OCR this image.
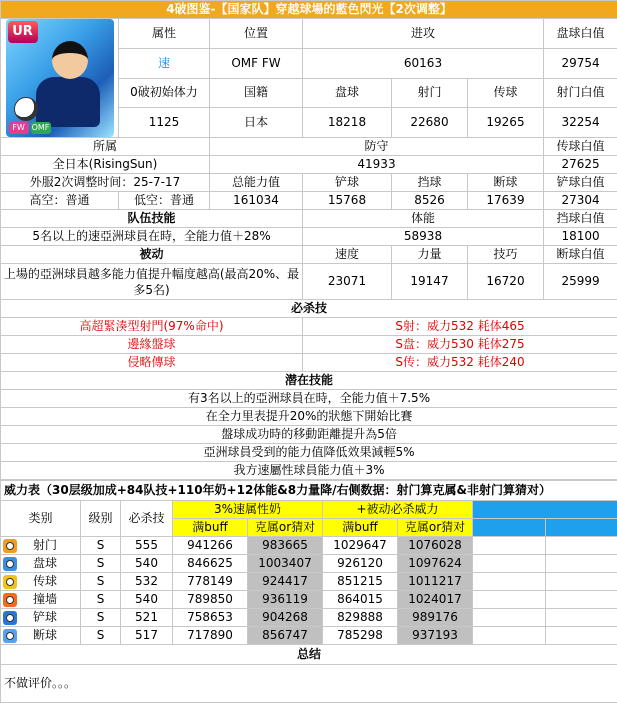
4破图鉴-【国家队】穿越球場的藍色閃光【2次调整】						

UR
FW OMF	属性	位置	进攻			盘球白值
	速	OMF FW	60163			29754
	0破初始体力	国籍	盘球	射门	传球	射门白值
	1125	日本	18218	22680	19265	32254
所属		防守				传球白值
全日本(RisingSun)		41933				27625
外服2次调整时间：25-7-17		总能力值	铲球	挡球	断球	铲球白值
高空：普通	低空：普通	161034	15768	8526	17639	27304
队伍技能			体能			挡球白值
5名以上的速亞洲球員在時，全能力值＋28%			58938			18100
被动			速度	力量	技巧	断球白值
上場的亞洲球員越多能力值提升幅度越高(最高20%、最多5名)			23071	19147	16720	25999
必杀技						
高超緊湊型射門(97%命中)			S射：威力532 耗体465			
邊緣盤球			S盘：威力530 耗体275			
侵略傳球			S传：威力532 耗体240			
潜在技能						
有3名以上的亞洲球員在時，全能力值＋7.5%						
在全力里表提升20%的狀態下開始比賽						
盤球成功時的移動距離提升為5倍						
亞洲球員受到的能力值降低效果減輕5%						
我方速屬性球員能力值＋3%						
威力表（30层级加成+84队技+110年奶+12体能&8力量降/右侧数据：射门算克属&非射门算猜对）								
类别	级别	必杀技	3%速属性奶		+被动必杀威力			
			满buff	克属or猜对	满buff	克属or猜对		
射门	S	555	941266	983665	1029647	1076028		
盘球	S	540	846625	1003407	926120	1097624		
传球	S	532	778149	924417	851215	1011217		
撞墙	S	540	789850	936119	864015	1024017		
铲球	S	521	758653	904268	829888	989176		
断球	S	517	717890	856747	785298	937193		
总结								
不做评价。。。								
